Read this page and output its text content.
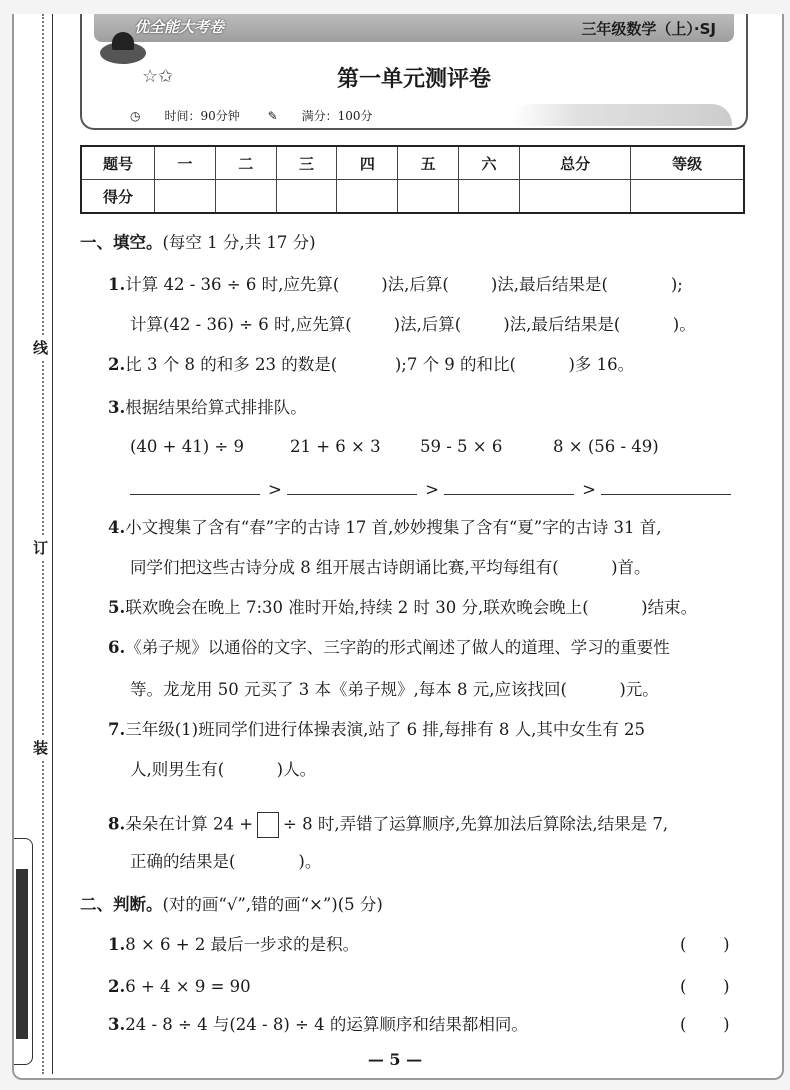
线
订
装
优全能大考卷	三年级数学（上）·SJ
☆✩	第一单元测评卷
◷ 时间：90分钟 ✎ 满分：100分
题号	一	二	三	四	五	六	总分	等级
得分								
一、填空。(每空 1 分,共 17 分)
1.计算 42 - 36 ÷ 6 时,应先算(        )法,后算(        )法,最后结果是(            );
计算(42 - 36) ÷ 6 时,应先算(        )法,后算(        )法,最后结果是(          )。
2.比 3 个 8 的和多 23 的数是(           );7 个 9 的和比(          )多 16。
3.根据结果给算式排排队。
(40 + 41) ÷ 9	21 + 6 × 3 59 - 5 × 6	8 × (56 - 49)
>	>	>
4.小文搜集了含有“春”字的古诗 17 首,妙妙搜集了含有“夏”字的古诗 31 首,
同学们把这些古诗分成 8 组开展古诗朗诵比赛,平均每组有(          )首。
5.联欢晚会在晚上 7:30 准时开始,持续 2 时 30 分,联欢晚会晚上(          )结束。
6.《弟子规》以通俗的文字、三字韵的形式阐述了做人的道理、学习的重要性
等。龙龙用 50 元买了 3 本《弟子规》,每本 8 元,应该找回(          )元。
7.三年级(1)班同学们进行体操表演,站了 6 排,每排有 8 人,其中女生有 25
人,则男生有(          )人。
8.朵朵在计算 24 + ÷ 8 时,弄错了运算顺序,先算加法后算除法,结果是 7,
正确的结果是(            )。
二、判断。(对的画“√”,错的画“×”)(5 分)
1.8 × 6 + 2 最后一步求的是积。	(       )
2.6 + 4 × 9 = 90	(       )
3.24 - 8 ÷ 4 与(24 - 8) ÷ 4 的运算顺序和结果都相同。	(       )
— 5 —
